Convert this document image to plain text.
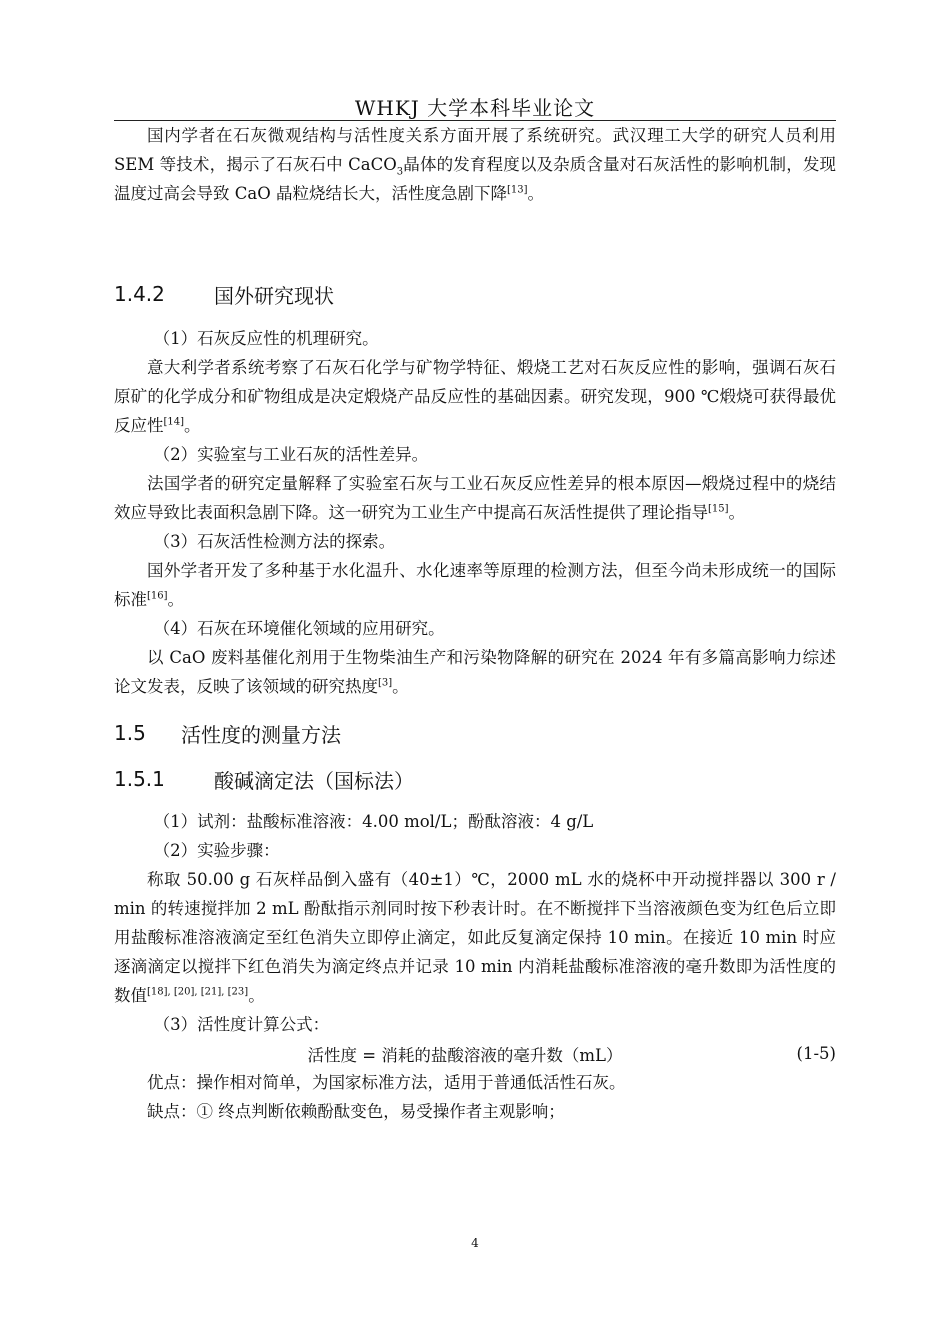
WHKJ 大学本科毕业论文

国内学者在石灰微观结构与活性度关系方面开展了系统研究。武汉理工大学的研究人员利用 SEM 等技术，揭示了石灰石中 CaCO$_3$晶体的发育程度以及杂质含量对石灰活性的影响机制，发现温度过高会导致 CaO 晶粒烧结长大，活性度急剧下降[13]。

1.4.2	国外研究现状

（1）石灰反应性的机理研究。

意大利学者系统考察了石灰石化学与矿物学特征、煅烧工艺对石灰反应性的影响，强调石灰石原矿的化学成分和矿物组成是决定煅烧产品反应性的基础因素。研究发现，900 ℃煅烧可获得最优反应性[14]。

（2）实验室与工业石灰的活性差异。

法国学者的研究定量解释了实验室石灰与工业石灰反应性差异的根本原因—煅烧过程中的烧结效应导致比表面积急剧下降。这一研究为工业生产中提高石灰活性提供了理论指导[15]。

（3）石灰活性检测方法的探索。

国外学者开发了多种基于水化温升、水化速率等原理的检测方法，但至今尚未形成统一的国际标准[16]。

（4）石灰在环境催化领域的应用研究。

以 CaO 废料基催化剂用于生物柴油生产和污染物降解的研究在 2024 年有多篇高影响力综述论文发表，反映了该领域的研究热度[3]。

1.5	活性度的测量方法
1.5.1	酸碱滴定法（国标法）

（1）试剂：盐酸标准溶液：4.00 mol/L；酚酞溶液：4 g/L

（2）实验步骤：

称取 50.00 g 石灰样品倒入盛有（40±1）℃，2000 mL 水的烧杯中开动搅拌器以 300 r / min 的转速搅拌加 2 mL 酚酞指示剂同时按下秒表计时。在不断搅拌下当溶液颜色变为红色后立即用盐酸标准溶液滴定至红色消失立即停止滴定，如此反复滴定保持 10 min。在接近 10 min 时应逐滴滴定以搅拌下红色消失为滴定终点并记录 10 min 内消耗盐酸标准溶液的毫升数即为活性度的数值[18], [20], [21], [23]。

（3）活性度计算公式：

活性度 = 消耗的盐酸溶液的毫升数（mL）	(1-5)

优点：操作相对简单，为国家标准方法，适用于普通低活性石灰。

缺点：① 终点判断依赖酚酞变色，易受操作者主观影响；

4
